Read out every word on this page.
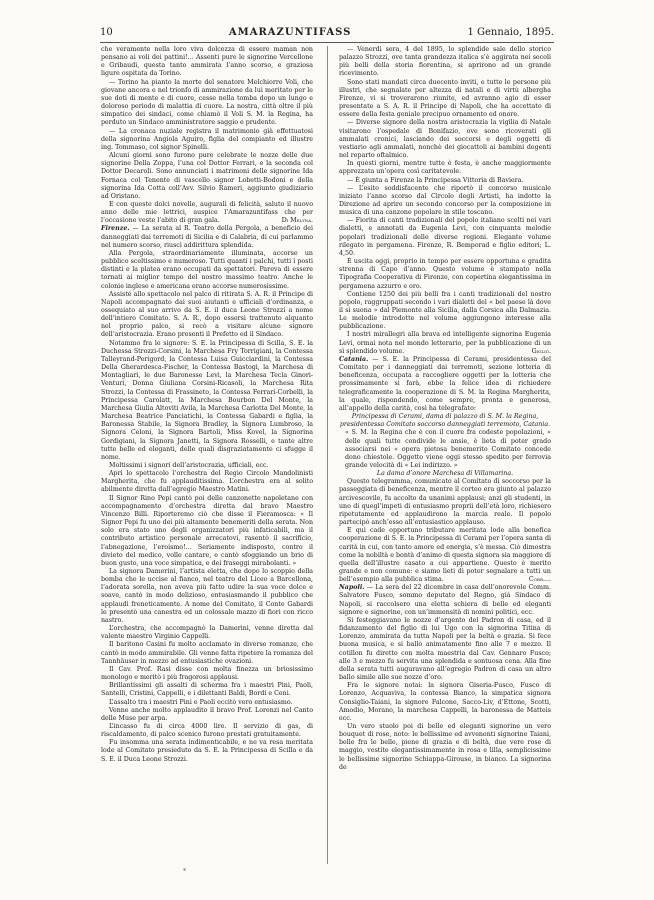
10	AMARAZUNTIFASS	1 Gennaio, 1895.

che veramente nella loro viva dolcezza di essere maman non pensano ai voli dei pattini!... Assenti pure le signorine Vercellone e Gribaudi, questa tanto ammirata l’anno scorso, e graziosa ligure ospitata da Torino.

— Torino ha pianto la morte del senatore Melchiorre Voli, che giovane ancora e nel trionfo di ammirazione da lui meritato per le sue doti di mente e di cuore, cesse nella tomba dopo un lungo e doloroso periodo di malattia di cuore. La nostra, città oltre il più simpatico dei sindaci, come chiamò il Voli S. M. la Regina, ha perduto un Sindaco amministratore saggio e prudente.

— La cronaca nuziale registra il matrimonio già effettuatosi della signorina Angiola Aguiro, figlia del compianto ed illustre ing. Tommaso, col signor Spinelli.

Alcuni giorni sono furono pure celebrate le nozze delle due signorine Della Zoppa, l’una col Dottor Ferrari, e la seconda col Dottor Decaroli. Sono annunciati i matrimoni delle signorine Ida Fornaca col Tenente di vascello signor Lobetti-Bodoni e della signorina Ida Cotta coll’Avv. Silvio Rameri, aggiunto giudiziario ad Oristano.

E con queste dolci novelle, auguralì di felicità, saluto il nuovo anno delle mie lettrici, auspice l’Amarazuntifass che per l’occasione veste l’abito di gran gala.	Di Melyna.

Firenze. — La serata al R. Teatro della Pergola, a beneficio dei danneggiati dai terremoti di Sicilia e di Calabria, di cui parlammo nel numero scorso, riuscì addirittura splendida.

Alla Pergola, straordinariamente illuminata, accorse un pubblico sceltissimo e numeroso. Tutti quanti i palchi, tutti i posti distinti e la platea erano occupati da spettatori. Pareva di essere tornati ai miglior tempo del nostro massimo teatro. Anche le colonie inglese e americana erano accorse numerosissime.

Assisté allo spettacolo nel palco di ritirata S. A. R. il Principe di Napoli accompagnato dai suoi aiutanti e ufficiali d’ordinanza, e ossequiato al suo arrivo da S. E. il duca Leone Strozzi a nome dell’intiero Comitato. S. A. R., dopo essersi trattenuto alquanto nel proprio palco, si recò a visitare alcune signore dell’aristocrazia. Erano presenti il Prefetto ed il Sindaco.

Notammo fra le signore: S. E. la Principessa di Scilla, S. E. la Duchessa Strozzi-Corsini, la Marchesa Fry Torrigiani, la Contessa Talleyrand-Perigord, la Contessa Luisa Guicciardini, la Contessa Della Gherardesca-Fischer, la Contessa Bastogi, la Marchesa di Montagliari, le due Baronesse Levi, la Marchesa Tecla Ginori-Venturi, Donna Giuliana Corsini-Ricasoli, la Marchesa Rita Strozzi, la Contessa di Frassineto, la Contessa Ferrari-Corbelli, la Principessa Carolatt, la Marchesa Bourbon Del Monte, la Marchesa Giulia Altoviti Avila, la Marchesa Carlotta Del Monte, la Marchesa Beatrice Panciatichi, la Contessa Gabardi e figlia, la Baronessa Stabile, la Signora Bradley, la Signora Lumbroso, la Signora Celoni, la Signora Bartoli, Miss Kovel, la Signorina Gordigiani, la Signora Janetti, la Signora Rosselli, e tante altre tutte belle ed eleganti, delle quali disgraziatamente ci sfugge il nome.

Moltissimi i signori dell’aristocrazia, ufficiali, ecc.

Aprì lo spettacolo l’orchestra del Regio Circolo Mandolinisti Margherita, che fu applauditissima. L’orchestra era al solito abilmente diretta dall’egregio Maestro Matini.

Il Signor Rino Pepi cantò poi delle canzonette napoletane con accompagnamento d’orchestra diretta dal bravo Maestro Vincenzo Billi. Riporteremo ciò che disse il Fieramosca: « Il Signor Pepi fu uno dei più altamente benemeriti della serata. Non solo era stato uno degli organizzatori più infaticabili, ma il contributo artistico personale arrecatovi, rasentò il sacrificio, l’abnegazione, l’eroismo!... Seriamente indisposto, contro il divieto del medico, volle cantare, e cantò sfoggiando un brio di buon gusto, una voce simpatica, e dei fraseggi mirabolanti. »

La signora Damerini, l’artista eletta, che dopo lo scoppio della bomba che le uccise al fianco, nel teatro del Liceo a Barcellona, l’adorata sorella, non aveva più fatto udire la sua voce dolce e soave, cantò in modo delizioso, entusiasmando il pubblico che applaudì freneticamente. A nome del Comitato, il Conte Gabardi le presentò una canestra ed un colossale mazzo di fiori con ricco nastro.

L’orchestra, che accompagnò la Damerini, venne diretta dal valente maestro Virginio Cappelli.

Il baritono Casini fu molto acclamato in diverse romanze, che cantò in modo ammirabile. Gli venne fatta ripetere la romanza del Tannhäuser in mezzo ad entusiastiche ovazioni.

Il Cav. Prof. Rasi disse con molta finezza un briosissimo monologo e meritò i più fragorosi applausi.

Brillantissimi gli assalti di scherma fra i maestri Pini, Paoli, Santelli, Cristini, Cappelli, e i dilettanti Baldi, Bordi e Ceni.

L’assalto tra i maestri Pini e Paoli eccitò vero entusiasmo.

Venne anche molto applaudito il bravo Prof. Lorenzi nel Canto delle Muse per arpa.

L’incasso fu di circa 4000 lire. Il servizio di gas, di riscaldamento, di palco scenico furono prestati gratuitamente.

Fu insomma una serata indimenticabile, e ne va resa meritata lode al Comitato presieduto da S. E. la Principessa di Scilla e da S. E. il Duca Leone Strozzi.

— Venerdì sera, 4 del 1895, lo splendide sale dello storico palazzo Strozzi, ove tanta grandezza italica s’è aggirata nei secoli più belli della storia fiorentina, si aprirono ad un grande ricevimento.

Sono stati mandati circa duecento inviti, e tutte le persone più illustri, che segnalate per altezza di natali e di virtù albergha Firenze, vi si troverarono riunite, ed avranno agio di esser presentate a S. A. R. il Principe di Napoli, che ha accettato di essere della festa geniale precipuo ornamento ed onore.

— Diverse signore della nostra aristocrazia la vigilia di Natale visitarono l’ospedale di Bonifazio, ove sono ricoverati gli ammalati cronici, lasciando dei soccorsi e degli oggetti di vestiario agli ammalati, nonchè dei giocattoli ai bambini degenti nel reparto oftalmico.

In questi giorni, mentre tutte è festa, è anche maggiormente apprezzata un’opera così caritatevole.

— È giunta a Firenze la Principessa Vittoria di Baviera.

— L’esito soddisfacente che riportò il concorso musicale iniziato l’anno scorso dal Circolo degli Artisti, ha indotto la Direzione ad aprire un secondo concorso per la composizione in musica di una canzone popolare in stile toscano.

— Fiorita di canti tradizionali del popolo italiano scelti nei vari dialetti, e annotati da Eugenia Levi, con cinquanta melodie popolari tradizionali delle diverse regioni. Elegante volume rilegato in pergamena. Firenze, R. Bemporad e figlio editori; L. 4,50.

È uscita oggi, proprio in tempo per essere opportuna e gradita strenna di Capo d’anno. Questo volume è stampato nella Tipografia Cooperativa di Firenze, con copertina elegantissima in pergamena azzurro e oro.

Contiene 1250 dei più belli fra i canti tradizionali del nostro popolo, raggruppati secondo i vari dialetti del « bel paese là dove il sì suona » dal Piemonte alla Sicilia, dalla Corsica alla Dalmazia. Le melodie introdotte nel volume aggiungono interesse alla pubblicazione.

I nostri mirallegri alla brava ed intelligente signorina Eugenia Levi, ormai nota nel mondo letterario, per la pubblicazione di un sì splendido volume.	Gigliò.

Catania. — S. E. la Principessa di Cerami, presidentessa del Comitato per i danneggiati dai terremoti, sezione lotteria di beneficenza, occupata a raccogliere oggetti per la lotteria che prossimamente si farà, ebbe la felice idea di richiedere telegraficamente la cooperazione di S. M. la Regina Margherita, la quale, rispondendo, come sempre, pronta e generosa, all’appello della carità, così ha telegrafato:

Principessa di Cerami, dama di palazzo di S. M. la Regina, presidentessa Comitato soccorso danneggiati terremoto, Catania.

« S. M. la Regina che è con il cuore fra codeste popolazioni, « delle quali tutte condivide le ansie, è lieta di poter grado associarsi nei « opera pietosa benemerito Comitato concede dono chiestole. Oggetto viene oggi stesso spedito per ferrovia grande velocità di « Lei indirizzo. »

La dama d’onore Marchesa di Villamarina.

Questo telegramma, comunicato al Comitato di soccorso per la passeggiata di beneficenza, mentre il corteo era giunto al palazzo arcivescovile, fu accolto da unanimi applausi; anzi gli studenti, in uno di quegl’impeti di entusiasmo proprii dell’età loro, richiesero ripetutamente ed applaudirono la marcia reale. Il popolo partecipò anch’esso all’entusiastico applauso.

E qui cade opportuno tributare meritata lode alla benefica cooperazione di S. E. la Principessa di Cerami per l’opera santa di carità in cui, con tanto amore ed energia, s’è messa. Ciò dimostra come la nobiltà e bontà d’animo di questa signora sia maggiore di quella dell’illustre casato a cui appartiene. Questo è merito grande e non comune: e siamo lieti di poter segnalare a tutti un bell’esempio alla pubblica stima.	Corr....

Napoli. — La sera del 22 dicembre in casa dell’onorevole Comm. Salvatore Fusco, sommo deputato del Regno, già Sindaco di Napoli, si raccolsero una eletta schiera di belle ed eleganti signore e signorine, con un’immensità di nomini politici, ecc.

Si festeggiavano le nozze d’argento del Padron di casa, ed il fidanzamento del figlio di lui Ugo con la signorina Titina di Lorenzo, ammirata da tutta Napoli per la beltà e grazia. Si fece buona musica, e si ballò animatamente fino alle 7 e mezzo. Il cotillon fu diretto con molta maestria dal Cav. Gennaro Fusco; alle 3 e mezzo fu servita una splendida e sontuosa cena. Alla fine della serata tutti auguravano all’egregio Padron di casa un altro ballo simile alle sue nozze d’oro.

Fra le signore notai: la signora Giseria-Fusco, Fusco di Lorenzo, Acquaviva, la contessa Bianco, la simpatica signora Consiglio-Taiani, la signore Falcone, Sacco-Liv, d’Ettone, Scotti, Amodio, Morano, la marchesa Cappelli, la baronessa de Matteis ecc.

Un vero stuolo poi di belle ed eleganti signorine un vero bouquet di rose, noto: le bellissime ed avvenenti signorine Taiani, belle fra le belle, piene di grazia e di beltà, due vere rose di maggio, vestite elegantissimamente in rosa e lilla, semplicissime le bellissime signorine Schiappa-Girouse, in bianco. La signorina de

*
